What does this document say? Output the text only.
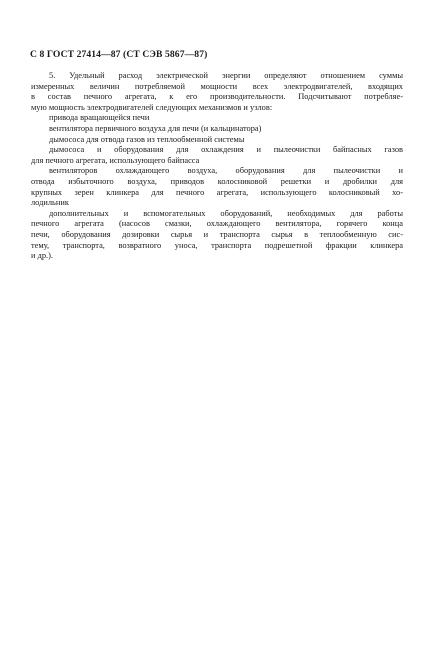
С 8 ГОСТ 27414—87 (СТ СЭВ 5867—87)
5. Удельный расход электрической энергии определяют отношением суммы
измеренных величин потребляемой мощности всех электродвигателей, входящих
в состав печного агрегата, к его производительности. Подсчитывают потребляе-
мую мощность электродвигателей следующих механизмов и узлов:
привода вращающейся печи
вентилятора первичного воздуха для печи (и кальцинатора)
дымососа для отвода газов из теплообменной системы
дымососа и оборудования для охлаждения и пылеочистки байпасных газов
для печного агрегата, использующего байпасса
вентиляторов охлаждающего воздуха, оборудования для пылеочистки и
отвода избыточного воздуха, приводов колосниковой решетки и дробилки для
крупных зерен клинкера для печного агрегата, использующего колосниковый хо-
лодильник
дополнительных и вспомогательных оборудований, необходимых для работы
печного агрегата (насосов смазки, охлаждающего вентилятора, горячего конца
печи, оборудования дозировки сырья и транспорта сырья в теплообменную сис-
тему, транспорта, возвратного уноса, транспорта подрешетной фракции клинкера
и др.).
